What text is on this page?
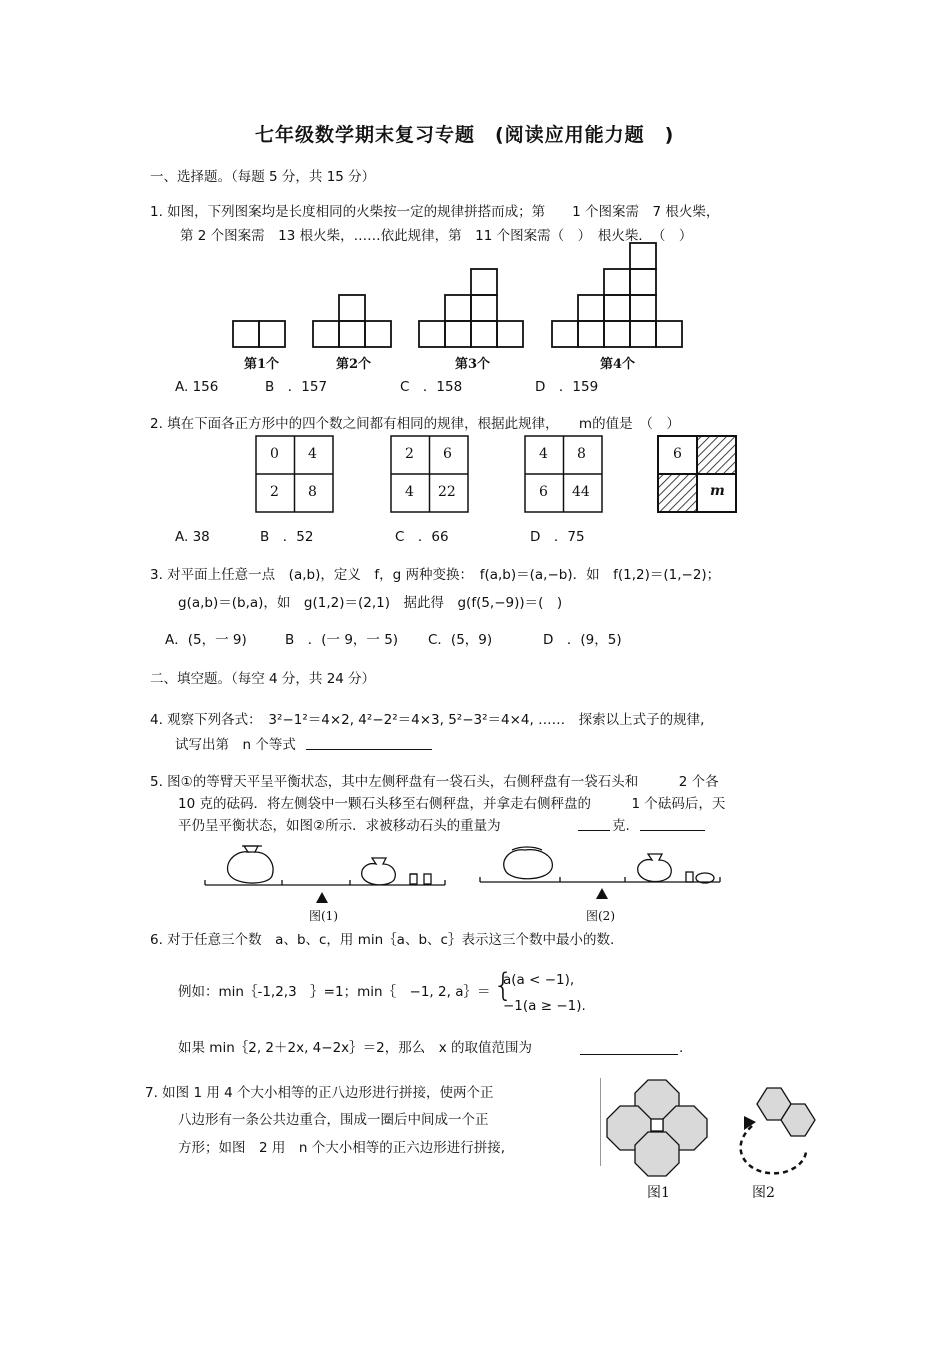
七年级数学期末复习专题　(阅读应用能力题　)
一、选择题。（每题 5 分，共 15 分）
1. 如图，下列图案均是长度相同的火柴按一定的规律拼搭而成；第　　1 个图案需　7 根火柴，
第 2 个图案需　13 根火柴，……依此规律，第　11 个图案需（　）　根火柴．　（　）
第1个	第2个	第3个	第4个
A. 156	B　．157	C　．158	D　．159
2. 填在下面各正方形中的四个数之间都有相同的规律，根据此规律，　　m的值是　（　）
0 4
2 8
2 6
4 22
4 8
6 44
6
m
A. 38	B　．52	C　．66	D　．75
3. 对平面上任意一点　(a,b)，定义　f，g 两种变换：　f(a,b)＝(a,−b)．如　f(1,2)＝(1,−2)；
g(a,b)＝(b,a)，如　g(1,2)＝(2,1)　据此得　g(f(5,−9))＝(　)
A．(5，一 9)	B　．(一 9，一 5) C．(5，9)	D　．(9，5)
二、填空题。（每空 4 分，共 24 分）
4. 观察下列各式：　3²−1²＝4×2, 4²−2²＝4×3, 5²−3²＝4×4, ……　探索以上式子的规律,
试写出第　n 个等式
5. 图①的等臂天平呈平衡状态，其中左侧秤盘有一袋石头，右侧秤盘有一袋石头和　　　2 个各
10 克的砝码．将左侧袋中一颗石头移至右侧秤盘，并拿走右侧秤盘的　　　1 个砝码后，天
平仍呈平衡状态，如图②所示．求被移动石头的重量为	克.
图(1)	图(2)
6. 对于任意三个数　a、b、c，用 min｛a、b、c｝表示这三个数中最小的数.
例如：min｛-1,2,3　｝=1；min｛　−1, 2, a｝＝ {
a(a < −1),
−1(a ≥ −1).
如果 min｛2, 2＋2x, 4−2x｝＝2，那么　x 的取值范围为	.
7. 如图 1 用 4 个大小相等的正八边形进行拼接，使两个正
八边形有一条公共边重合，围成一圈后中间成一个正
方形；如图　2 用　n 个大小相等的正六边形进行拼接,
图1	图2
